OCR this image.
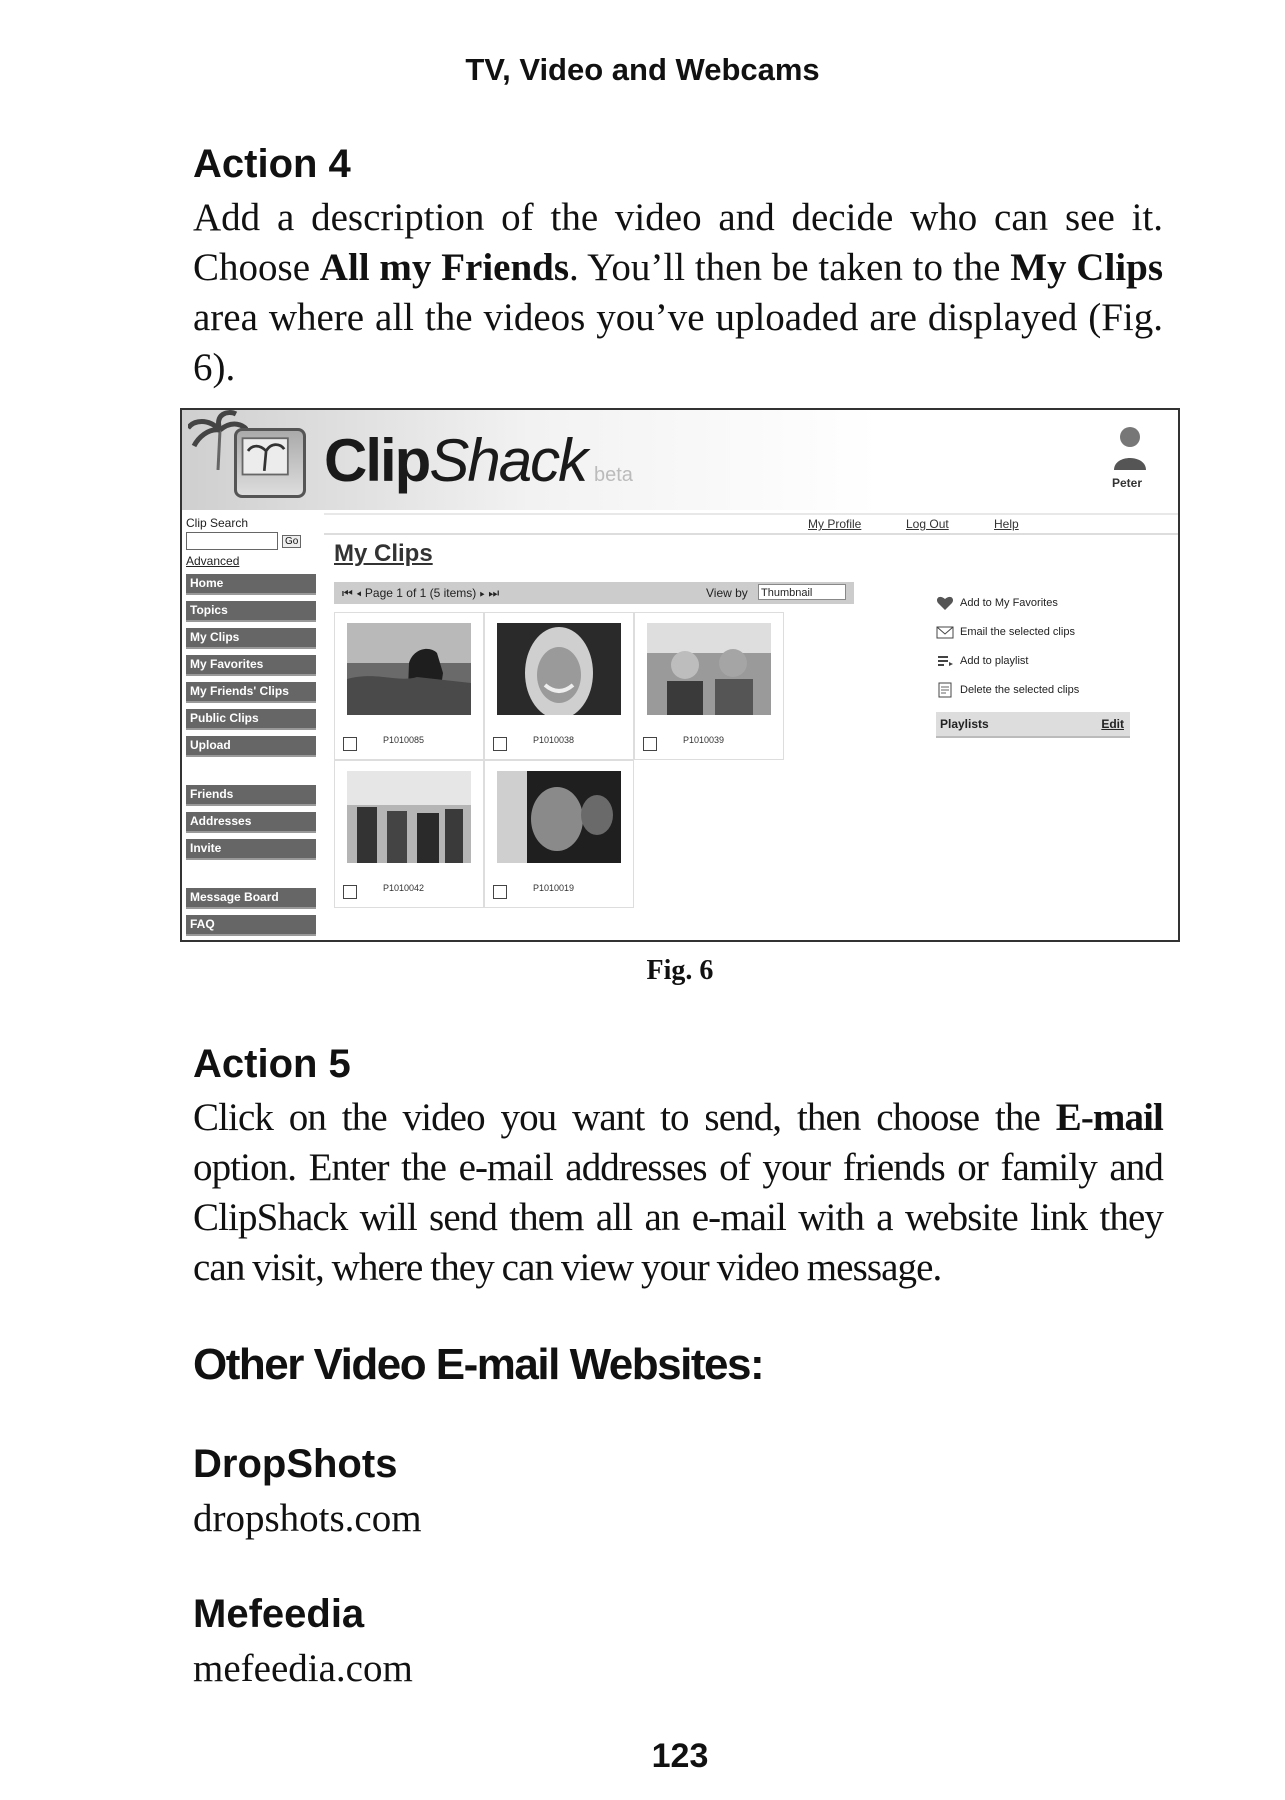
TV, Video and Webcams
Action 4

Add a description of the video and decide who can see it. Choose All my Friends. You’ll then be taken to the My Clips area where all the videos you’ve uploaded are displayed (Fig. 6).

ClipShack beta	Peter
Clip Search
Go
Advanced
Home
Topics
My Clips
My Favorites
My Friends' Clips
Public Clips
Upload
Friends
Addresses
Invite
Message Board
FAQ
My Profile	Log Out	Help
My Clips
⏮ ◂ Page 1 of 1 (5 items) ▸ ⏭	View by Thumbnail
P1010085	P1010038	P1010039
P1010042	P1010019
Add to My Favorites
Email the selected clips
Add to playlist
Delete the selected clips
Playlists	Edit
Fig. 6
Action 5

Click on the video you want to send, then choose the E-mail option. Enter the e-mail addresses of your friends or family and ClipShack will send them all an e-mail with a website link they can visit, where they can view your video message.

Other Video E-mail Websites:
DropShots

dropshots.com

Mefeedia

mefeedia.com

123
